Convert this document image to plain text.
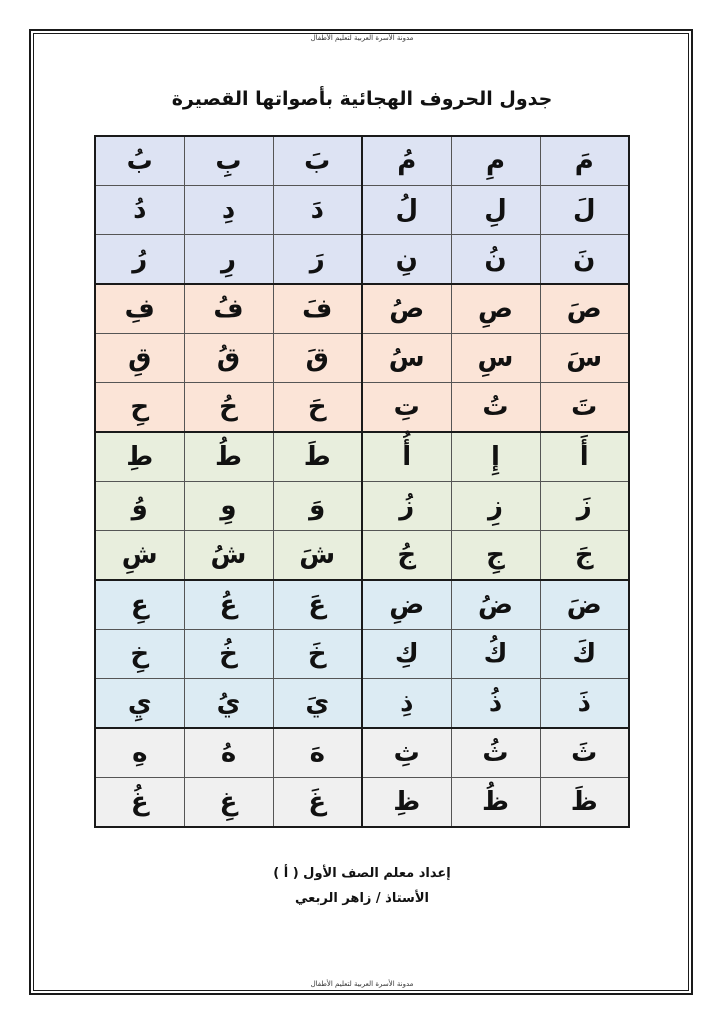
مدونة الأسرة العربية لتعليم الأطفال
جدول الحروف الهجائية بأصواتها القصيرة
مَ	مِ	مُ	بَ	بِ	بُ
لَ	لِ	لُ	دَ	دِ	دُ
نَ	نُ	نِ	رَ	رِ	رُ
صَ	صِ	صُ	فَ	فُ	فِ
سَ	سِ	سُ	قَ	قُ	قِ
تَ	تُ	تِ	حَ	حُ	حِ
أَ	إِ	أُ	طَ	طُ	طِ
زَ	زِ	زُ	وَ	وِ	وُ
جَ	جِ	جُ	شَ	شُ	شِ
ضَ	ضُ	ضِ	عَ	عُ	عِ
كَ	كُ	كِ	خَ	خُ	خِ
ذَ	ذُ	ذِ	يَ	يُ	يِ
ثَ	ثُ	ثِ	هَ	هُ	هِ
ظَ	ظُ	ظِ	غَ	غِ	غُ
إعداد معلم الصف الأول ( أ )
الأستاذ / زاهر الربعي
مدونة الأسرة العربية لتعليم الأطفال
